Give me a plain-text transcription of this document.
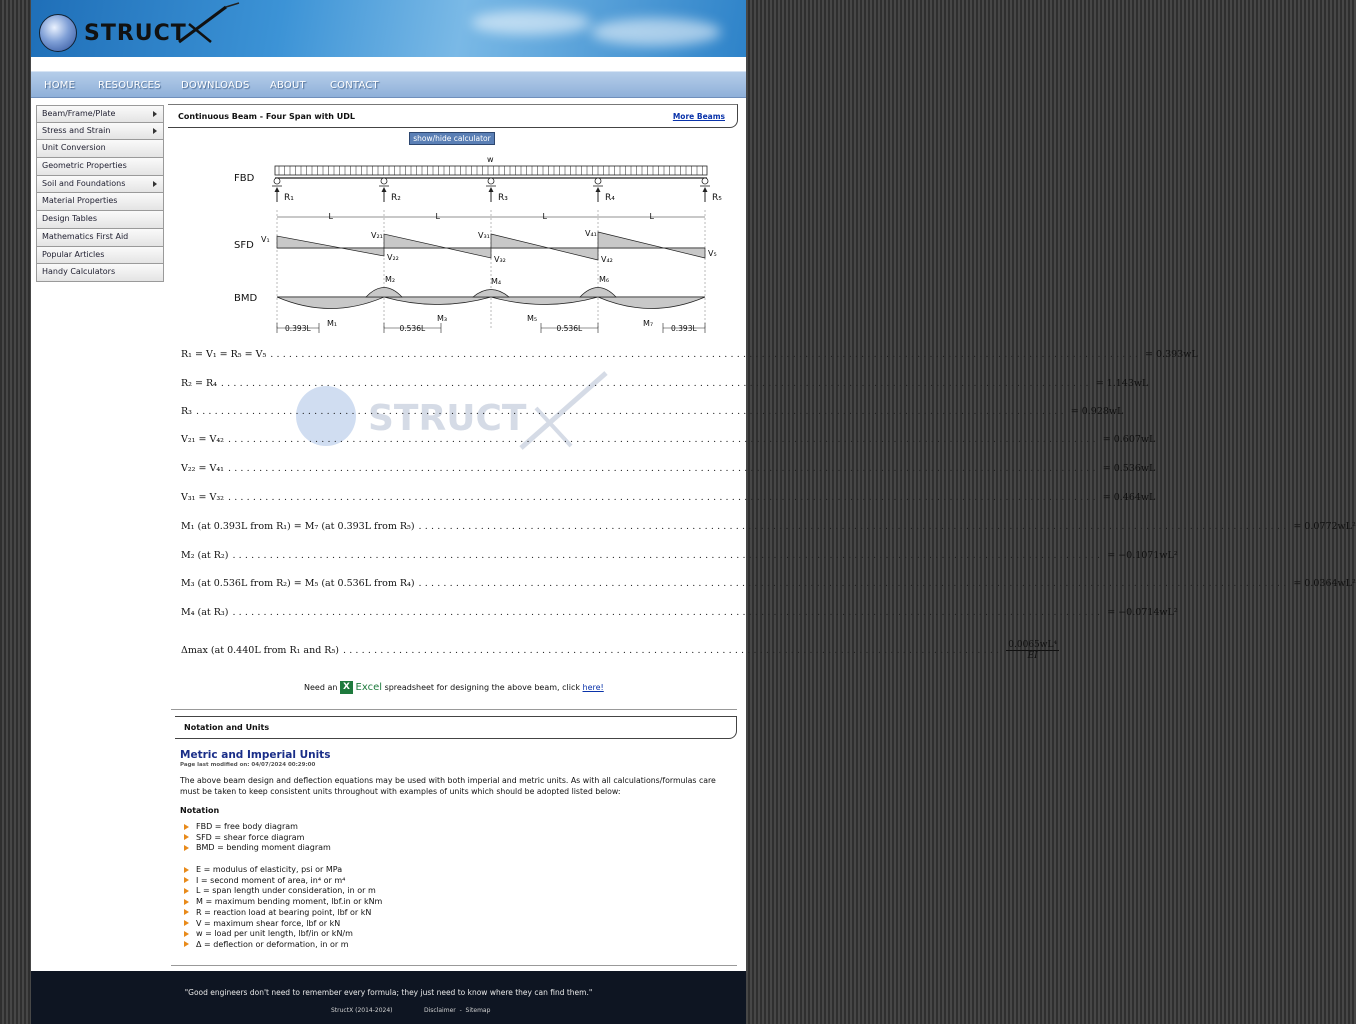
STRUCT
HOME RESOURCES DOWNLOADS ABOUT CONTACT
Beam/Frame/Plate
Stress and Strain
Unit Conversion
Geometric Properties
Soil and Foundations
Material Properties
Design Tables
Mathematics First Aid
Popular Articles
Handy Calculators
Continuous Beam - Four Span with UDL	More Beams
show/hide calculator
FBD
SFD
BMD
w
R₁	R₂	R₃	R₄	R₅
L	L	L	L
V₁	V₂₁
V₂₂
V₃₁
V₃₂
V₄₁
V₄₂
V₅
M₁
M₂
M₃
M₄
M₅
M₆
M₇
0.393L	0.536L	0.536L	0.393L
STRUCT
R₁ = V₁ = R₅ = V₅ ............................................................................................................................................ = 0.393wL
R₂ = R₄ ............................................................................................................................................ = 1.143wL
R₃ ............................................................................................................................................ = 0.928wL
V₂₁ = V₄₂ ............................................................................................................................................ = 0.607wL
V₂₂ = V₄₁ ............................................................................................................................................ = 0.536wL
V₃₁ = V₃₂ ............................................................................................................................................ = 0.464wL
M₁ (at 0.393L from R₁) = M₇ (at 0.393L from R₅) ............................................................................................................................................ = 0.0772wL²
M₂ (at R₂) ............................................................................................................................................ = −0.1071wL²
M₃ (at 0.536L from R₂) = M₅ (at 0.536L from R₄) ............................................................................................................................................ = 0.0364wL²
M₄ (at R₃) ............................................................................................................................................ = −0.0714wL²
Δmax (at 0.440L from R₁ and R₅) .......................................................................................................... $\frac{\text{0.0065wL⁴}}{EI}$
Need an X Excel spreadsheet for designing the above beam, click here!
Notation and Units
Metric and Imperial Units
Page last modified on: 04/07/2024 00:29:00
The above beam design and deflection equations may be used with both imperial and metric units. As with all calculations/formulas care must be taken to keep consistent units throughout with examples of units which should be adopted listed below:
Notation
FBD = free body diagram
SFD = shear force diagram
BMD = bending moment diagram
E = modulus of elasticity, psi or MPa
I = second moment of area, in⁴ or m⁴
L = span length under consideration, in or m
M = maximum bending moment, lbf.in or kNm
R = reaction load at bearing point, lbf or kN
V = maximum shear force, lbf or kN
w = load per unit length, lbf/in or kN/m
Δ = deflection or deformation, in or m
"Good engineers don't need to remember every formula; they just need to know where they can find them."
StructX (2014-2024)	Disclaimer  -  Sitemap
